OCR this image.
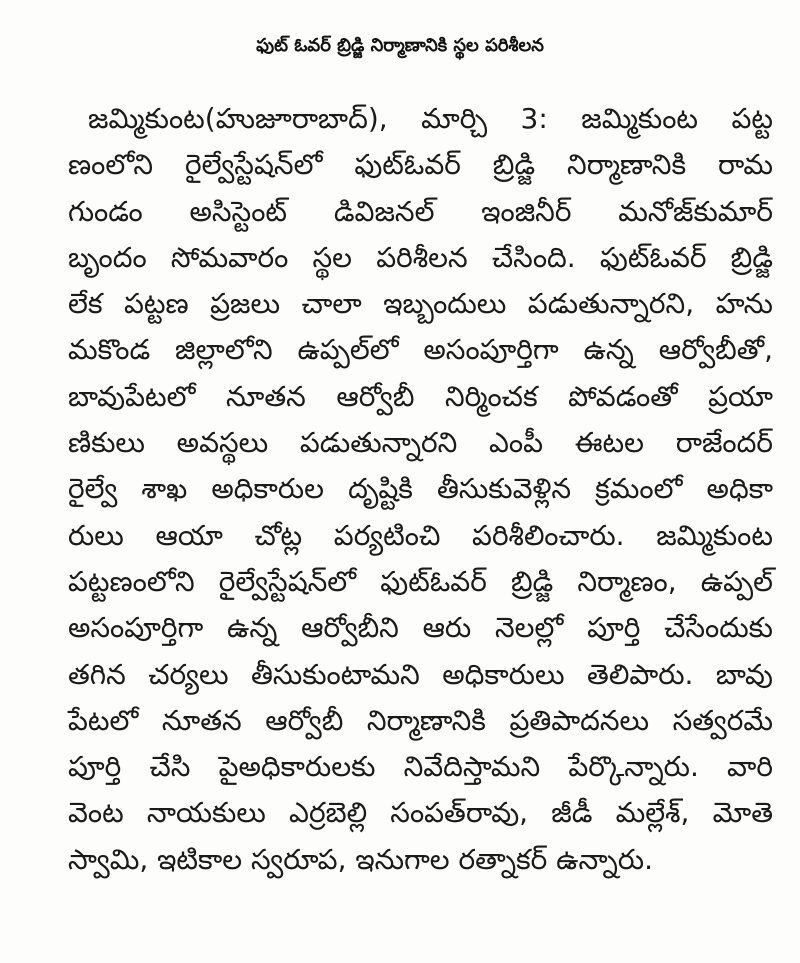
ఫుట్ ఓవర్ బ్రిడ్జి నిర్మాణానికి స్థల పరిశీలన
జమ్మికుంట(హుజూరాబాద్), మార్చి 3: జమ్మికుంట పట్ట
ణంలోని రైల్వేస్టేషన్‌లో ఫుట్‌ఓవర్ బ్రిడ్జి నిర్మాణానికి రామ
గుండం అసిస్టెంట్ డివిజనల్ ఇంజినీర్ మనోజ్‌కుమార్
బృందం సోమవారం స్థల పరిశీలన చేసింది. ఫుట్‌ఓవర్ బ్రిడ్జి
లేక పట్టణ ప్రజలు చాలా ఇబ్బందులు పడుతున్నారని, హను
మకొండ జిల్లాలోని ఉప్పల్‌లో అసంపూర్తిగా ఉన్న ఆర్వోబీతో,
బావుపేటలో నూతన ఆర్వోబీ నిర్మించక పోవడంతో ప్రయా
ణికులు అవస్థలు పడుతున్నారని ఎంపీ ఈటల రాజేందర్
రైల్వే శాఖ అధికారుల దృష్టికి తీసుకువెళ్లిన క్రమంలో అధికా
రులు ఆయా చోట్ల పర్యటించి పరిశీలించారు. జమ్మికుంట
పట్టణంలోని రైల్వేస్టేషన్‌లో ఫుట్‌ఓవర్ బ్రిడ్జి నిర్మాణం, ఉప్పల్
అసంపూర్తిగా ఉన్న ఆర్వోబీని ఆరు నెలల్లో పూర్తి చేసేందుకు
తగిన చర్యలు తీసుకుంటామని అధికారులు తెలిపారు. బావు
పేటలో నూతన ఆర్వోబీ నిర్మాణానికి ప్రతిపాదనలు సత్వరమే
పూర్తి చేసి పైఅధికారులకు నివేదిస్తామని పేర్కొన్నారు. వారి
వెంట నాయకులు ఎర్రబెల్లి సంపత్‌రావు, జీడీ మల్లేశ్, మోతె
స్వామి, ఇటికాల స్వరూప, ఇనుగాల రత్నాకర్ ఉన్నారు.
